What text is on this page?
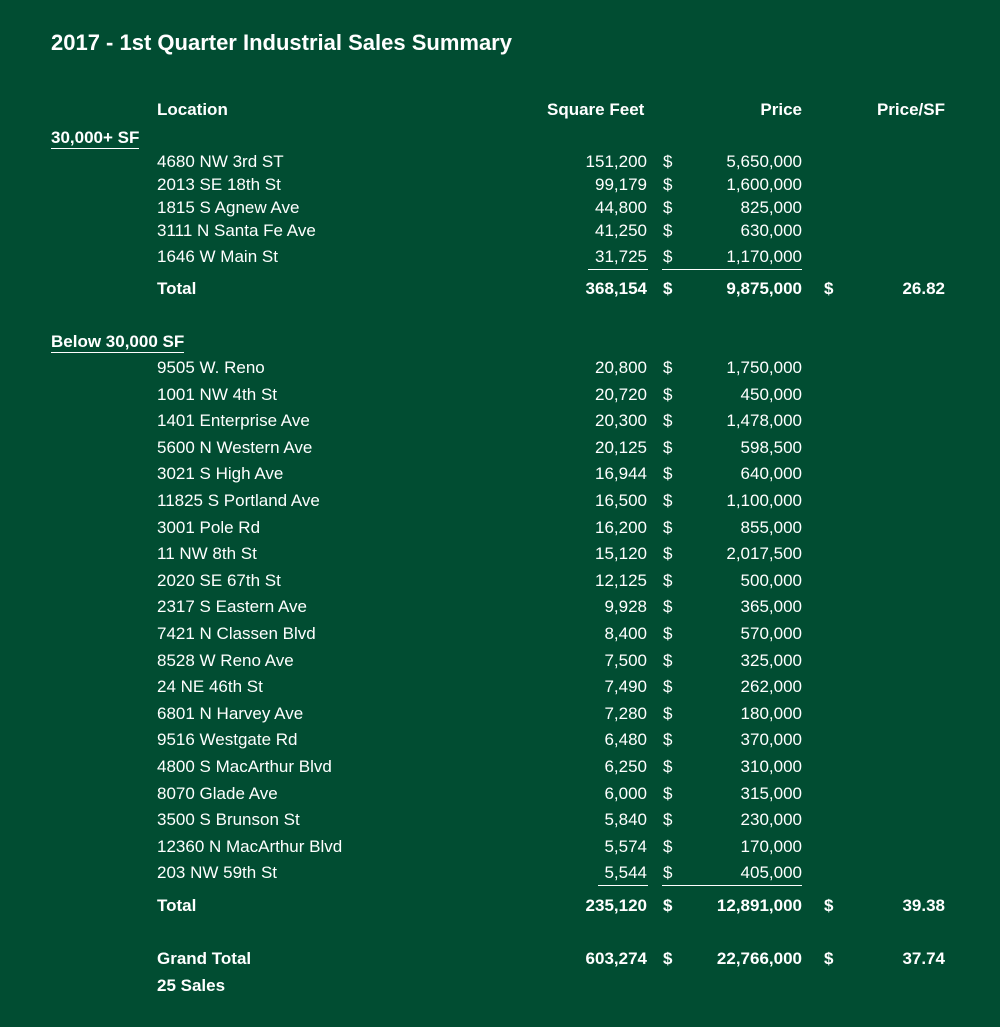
2017 - 1st Quarter Industrial Sales Summary
Location	Square Feet	Price	Price/SF
30,000+ SF
4680 NW 3rd ST	151,200 $	5,650,000
2013 SE 18th St	99,179 $	1,600,000
1815 S Agnew Ave	44,800 $	825,000
3111 N Santa Fe Ave	41,250 $	630,000
1646 W Main St	31,725 $	1,170,000
Total	368,154 $	9,875,000 $	26.82
Below 30,000 SF
9505 W. Reno	20,800 $	1,750,000
1001 NW 4th St	20,720 $	450,000
1401 Enterprise Ave	20,300 $	1,478,000
5600 N Western Ave	20,125 $	598,500
3021 S High Ave	16,944 $	640,000
11825 S Portland Ave	16,500 $	1,100,000
3001 Pole Rd	16,200 $	855,000
11 NW 8th St	15,120 $	2,017,500
2020 SE 67th St	12,125 $	500,000
2317 S Eastern Ave	9,928 $	365,000
7421 N Classen Blvd	8,400 $	570,000
8528 W Reno Ave	7,500 $	325,000
24 NE 46th St	7,490 $	262,000
6801 N Harvey Ave	7,280 $	180,000
9516 Westgate Rd	6,480 $	370,000
4800 S MacArthur Blvd	6,250 $	310,000
8070 Glade Ave	6,000 $	315,000
3500 S Brunson St	5,840 $	230,000
12360 N MacArthur Blvd	5,574 $	170,000
203 NW 59th St	5,544 $	405,000
Total	235,120 $	12,891,000 $	39.38
Grand Total	603,274 $	22,766,000 $	37.74
25 Sales
